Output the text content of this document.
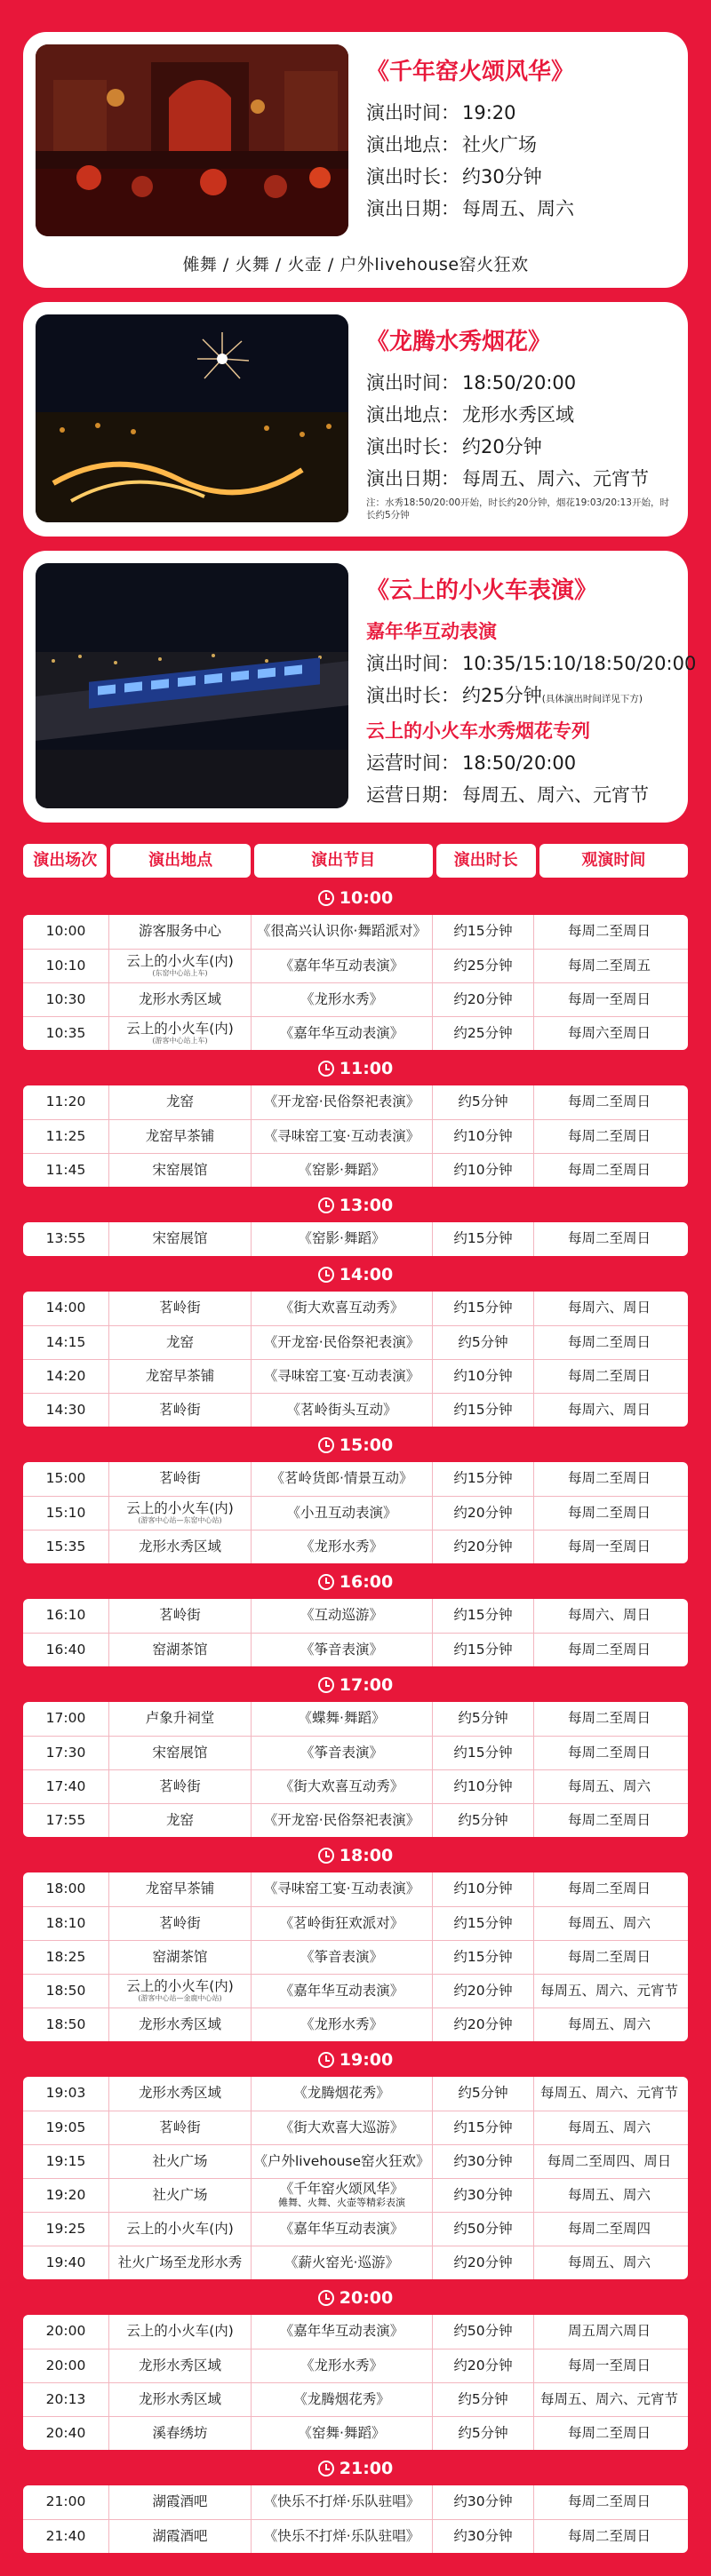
《千年窑火颂风华》
演出时间： 19:20
演出地点： 社火广场
演出时长： 约30分钟
演出日期： 每周五、周六
傩舞 / 火舞 / 火壶 / 户外livehouse窑火狂欢
《龙腾水秀烟花》
演出时间： 18:50/20:00
演出地点： 龙形水秀区域
演出时长： 约20分钟
演出日期： 每周五、周六、元宵节
注：水秀18:50/20:00开始，时长约20分钟，烟花19:03/20:13开始，时长约5分钟
《云上的小火车表演》
嘉年华互动表演
演出时间： 10:35/15:10/18:50/20:00
演出时长： 约25分钟(具体演出时间详见下方)
云上的小火车水秀烟花专列
运营时间： 18:50/20:00
运营日期： 每周五、周六、元宵节
演出场次	演出地点	演出节目	演出时长	观演时间
10:00
10:00	游客服务中心	《很高兴认识你·舞蹈派对》 约15分钟	每周二至周日
10:10	云上的小火车(内)
(东窑中心站上车)	《嘉年华互动表演》	约25分钟	每周二至周五
10:30	龙形水秀区域	《龙形水秀》	约20分钟	每周一至周日
10:35	云上的小火车(内)
(游客中心站上车)	《嘉年华互动表演》	约25分钟	每周六至周日
11:00
11:20	龙窑	《开龙窑·民俗祭祀表演》	约5分钟	每周二至周日
11:25	龙窑早茶铺	《寻味窑工宴·互动表演》 约10分钟	每周二至周日
11:45	宋窑展馆	《窑影·舞蹈》	约10分钟	每周二至周日
13:00
13:55	宋窑展馆	《窑影·舞蹈》	约15分钟	每周二至周日
14:00
14:00	茗岭街	《街大欢喜互动秀》	约15分钟	每周六、周日
14:15	龙窑	《开龙窑·民俗祭祀表演》	约5分钟	每周二至周日
14:20	龙窑早茶铺	《寻味窑工宴·互动表演》 约10分钟	每周二至周日
14:30	茗岭街	《茗岭街头互动》	约15分钟	每周六、周日
15:00
15:00	茗岭街	《茗岭货郎·情景互动》	约15分钟	每周二至周日
15:10	云上的小火车(内)
(游客中心站—东窑中心站)	《小丑互动表演》	约20分钟	每周二至周日
15:35	龙形水秀区域	《龙形水秀》	约20分钟	每周一至周日
16:00
16:10	茗岭街	《互动巡游》	约15分钟	每周六、周日
16:40	窑湖茶馆	《筝音表演》	约15分钟	每周二至周日
17:00
17:00	卢象升祠堂	《蝶舞·舞蹈》	约5分钟	每周二至周日
17:30	宋窑展馆	《筝音表演》	约15分钟	每周二至周日
17:40	茗岭街	《街大欢喜互动秀》	约10分钟	每周五、周六
17:55	龙窑	《开龙窑·民俗祭祀表演》	约5分钟	每周二至周日
18:00
18:00	龙窑早茶铺	《寻味窑工宴·互动表演》 约10分钟	每周二至周日
18:10	茗岭街	《茗岭街狂欢派对》	约15分钟	每周五、周六
18:25	窑湖茶馆	《筝音表演》	约15分钟	每周二至周日
18:50	云上的小火车(内)
(游客中心站—金鹿中心站)	《嘉年华互动表演》	约20分钟 每周五、周六、元宵节
18:50	龙形水秀区域	《龙形水秀》	约20分钟	每周五、周六
19:00
19:03	龙形水秀区域	《龙腾烟花秀》	约5分钟 每周五、周六、元宵节
19:05	茗岭街	《街大欢喜大巡游》	约15分钟	每周五、周六
19:15	社火广场	《户外livehouse窑火狂欢》 约30分钟	每周二至周四、周日
19:20	社火广场	《千年窑火颂风华》
傩舞、火舞、火壶等精彩表演	约30分钟	每周五、周六
19:25	云上的小火车(内)	《嘉年华互动表演》	约50分钟	每周二至周四
19:40 社火广场至龙形水秀	《薪火窑光·巡游》	约20分钟	每周五、周六
20:00
20:00	云上的小火车(内)	《嘉年华互动表演》	约50分钟	周五周六周日
20:00	龙形水秀区域	《龙形水秀》	约20分钟	每周一至周日
20:13	龙形水秀区域	《龙腾烟花秀》	约5分钟 每周五、周六、元宵节
20:40	溪春绣坊	《窑舞·舞蹈》	约5分钟	每周二至周日
21:00
21:00	湖霞酒吧	《快乐不打烊·乐队驻唱》 约30分钟	每周二至周日
21:40	湖霞酒吧	《快乐不打烊·乐队驻唱》 约30分钟	每周二至周日
